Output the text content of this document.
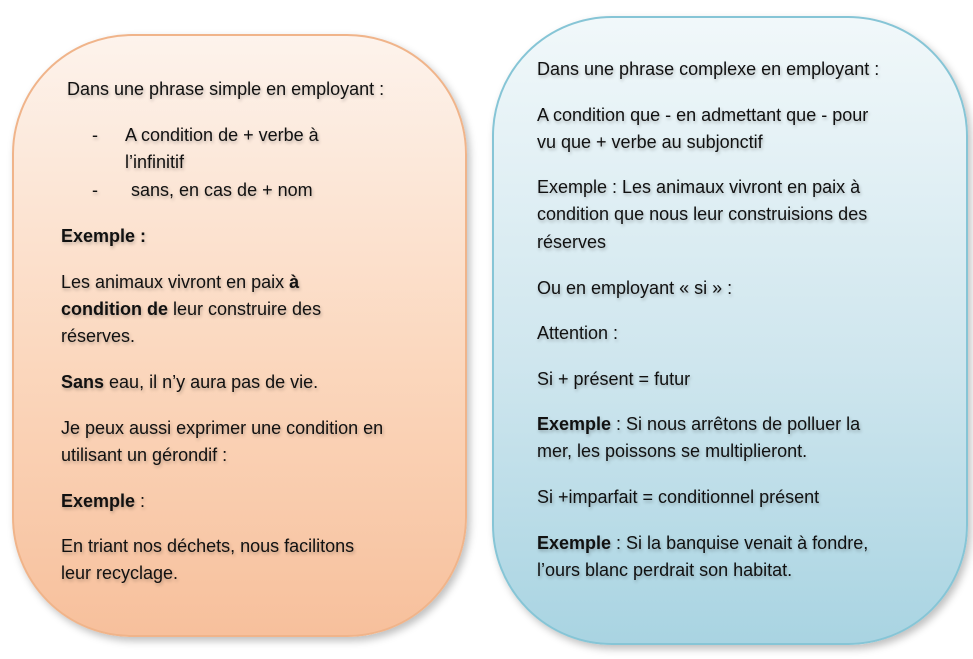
Dans une phrase simple en employant :
- A condition de + verbe à
l’infinitif
- sans, en cas de + nom
Exemple :
Les animaux vivront en paix à
condition de leur construire des
réserves.
Sans eau, il n’y aura pas de vie.
Je peux aussi exprimer une condition en
utilisant un gérondif :
Exemple :
En triant nos déchets, nous facilitons
leur recyclage.
Dans une phrase complexe en employant :
A condition que - en admettant que - pour
vu que + verbe au subjonctif
Exemple : Les animaux vivront en paix à
condition que nous leur construisions des
réserves
Ou en employant « si » :
Attention :
Si + présent = futur
Exemple : Si nous arrêtons de polluer la
mer, les poissons se multiplieront.
Si +imparfait = conditionnel présent
Exemple : Si la banquise venait à fondre,
l’ours blanc perdrait son habitat.
